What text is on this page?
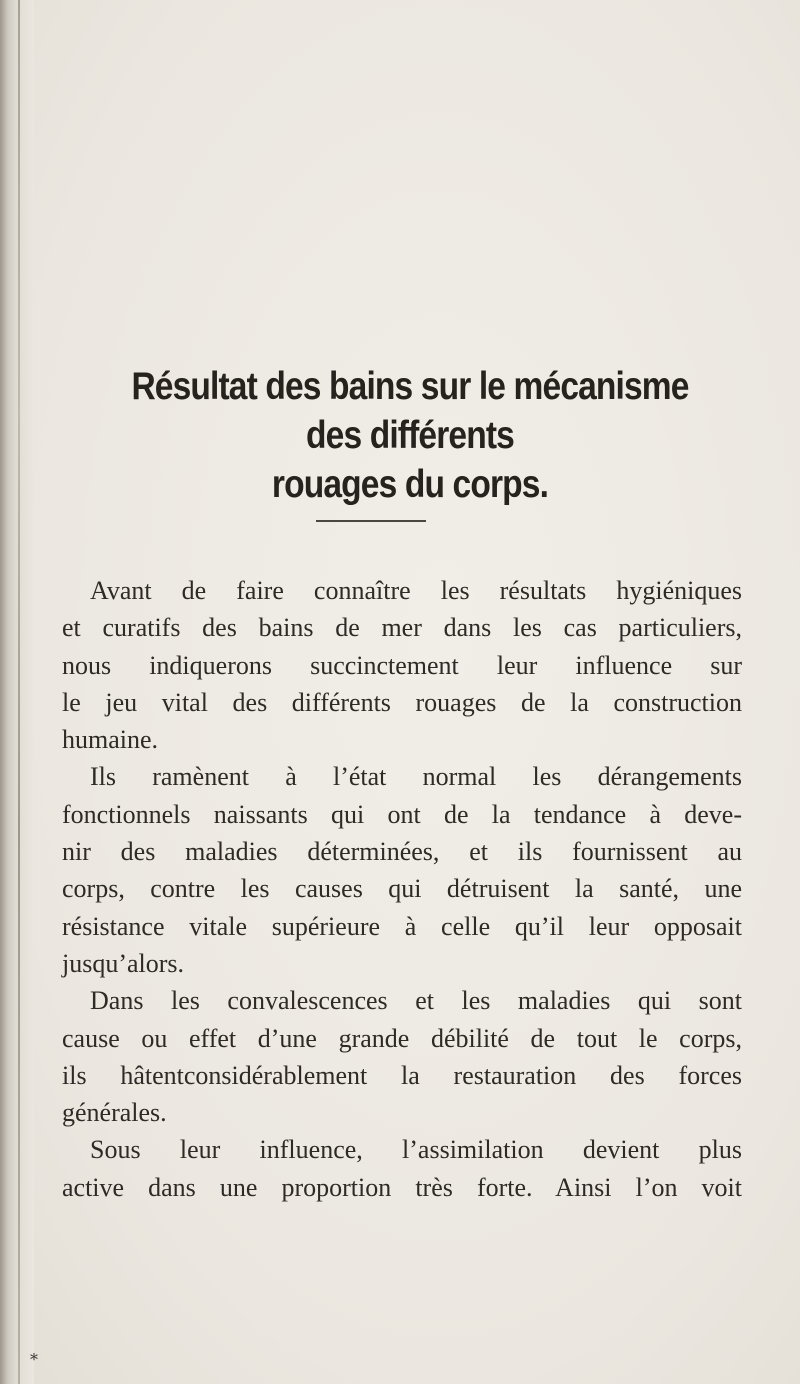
Résultat des bains sur le mécanisme des différents
rouages du corps.
Avant de faire connaître les résultats hygiéniques
et curatifs des bains de mer dans les cas particuliers,
nous indiquerons succinctement leur influence sur
le jeu vital des différents rouages de la construction
humaine.
Ils ramènent à l’état normal les dérangements
fonctionnels naissants qui ont de la tendance à deve-
nir des maladies déterminées, et ils fournissent au
corps, contre les causes qui détruisent la santé, une
résistance vitale supérieure à celle qu’il leur opposait
jusqu’alors.
Dans les convalescences et les maladies qui sont
cause ou effet d’une grande débilité de tout le corps,
ils hâtentconsidérablement la restauration des forces
générales.
Sous leur influence, l’assimilation devient plus
active dans une proportion très forte. Ainsi l’on voit
*
